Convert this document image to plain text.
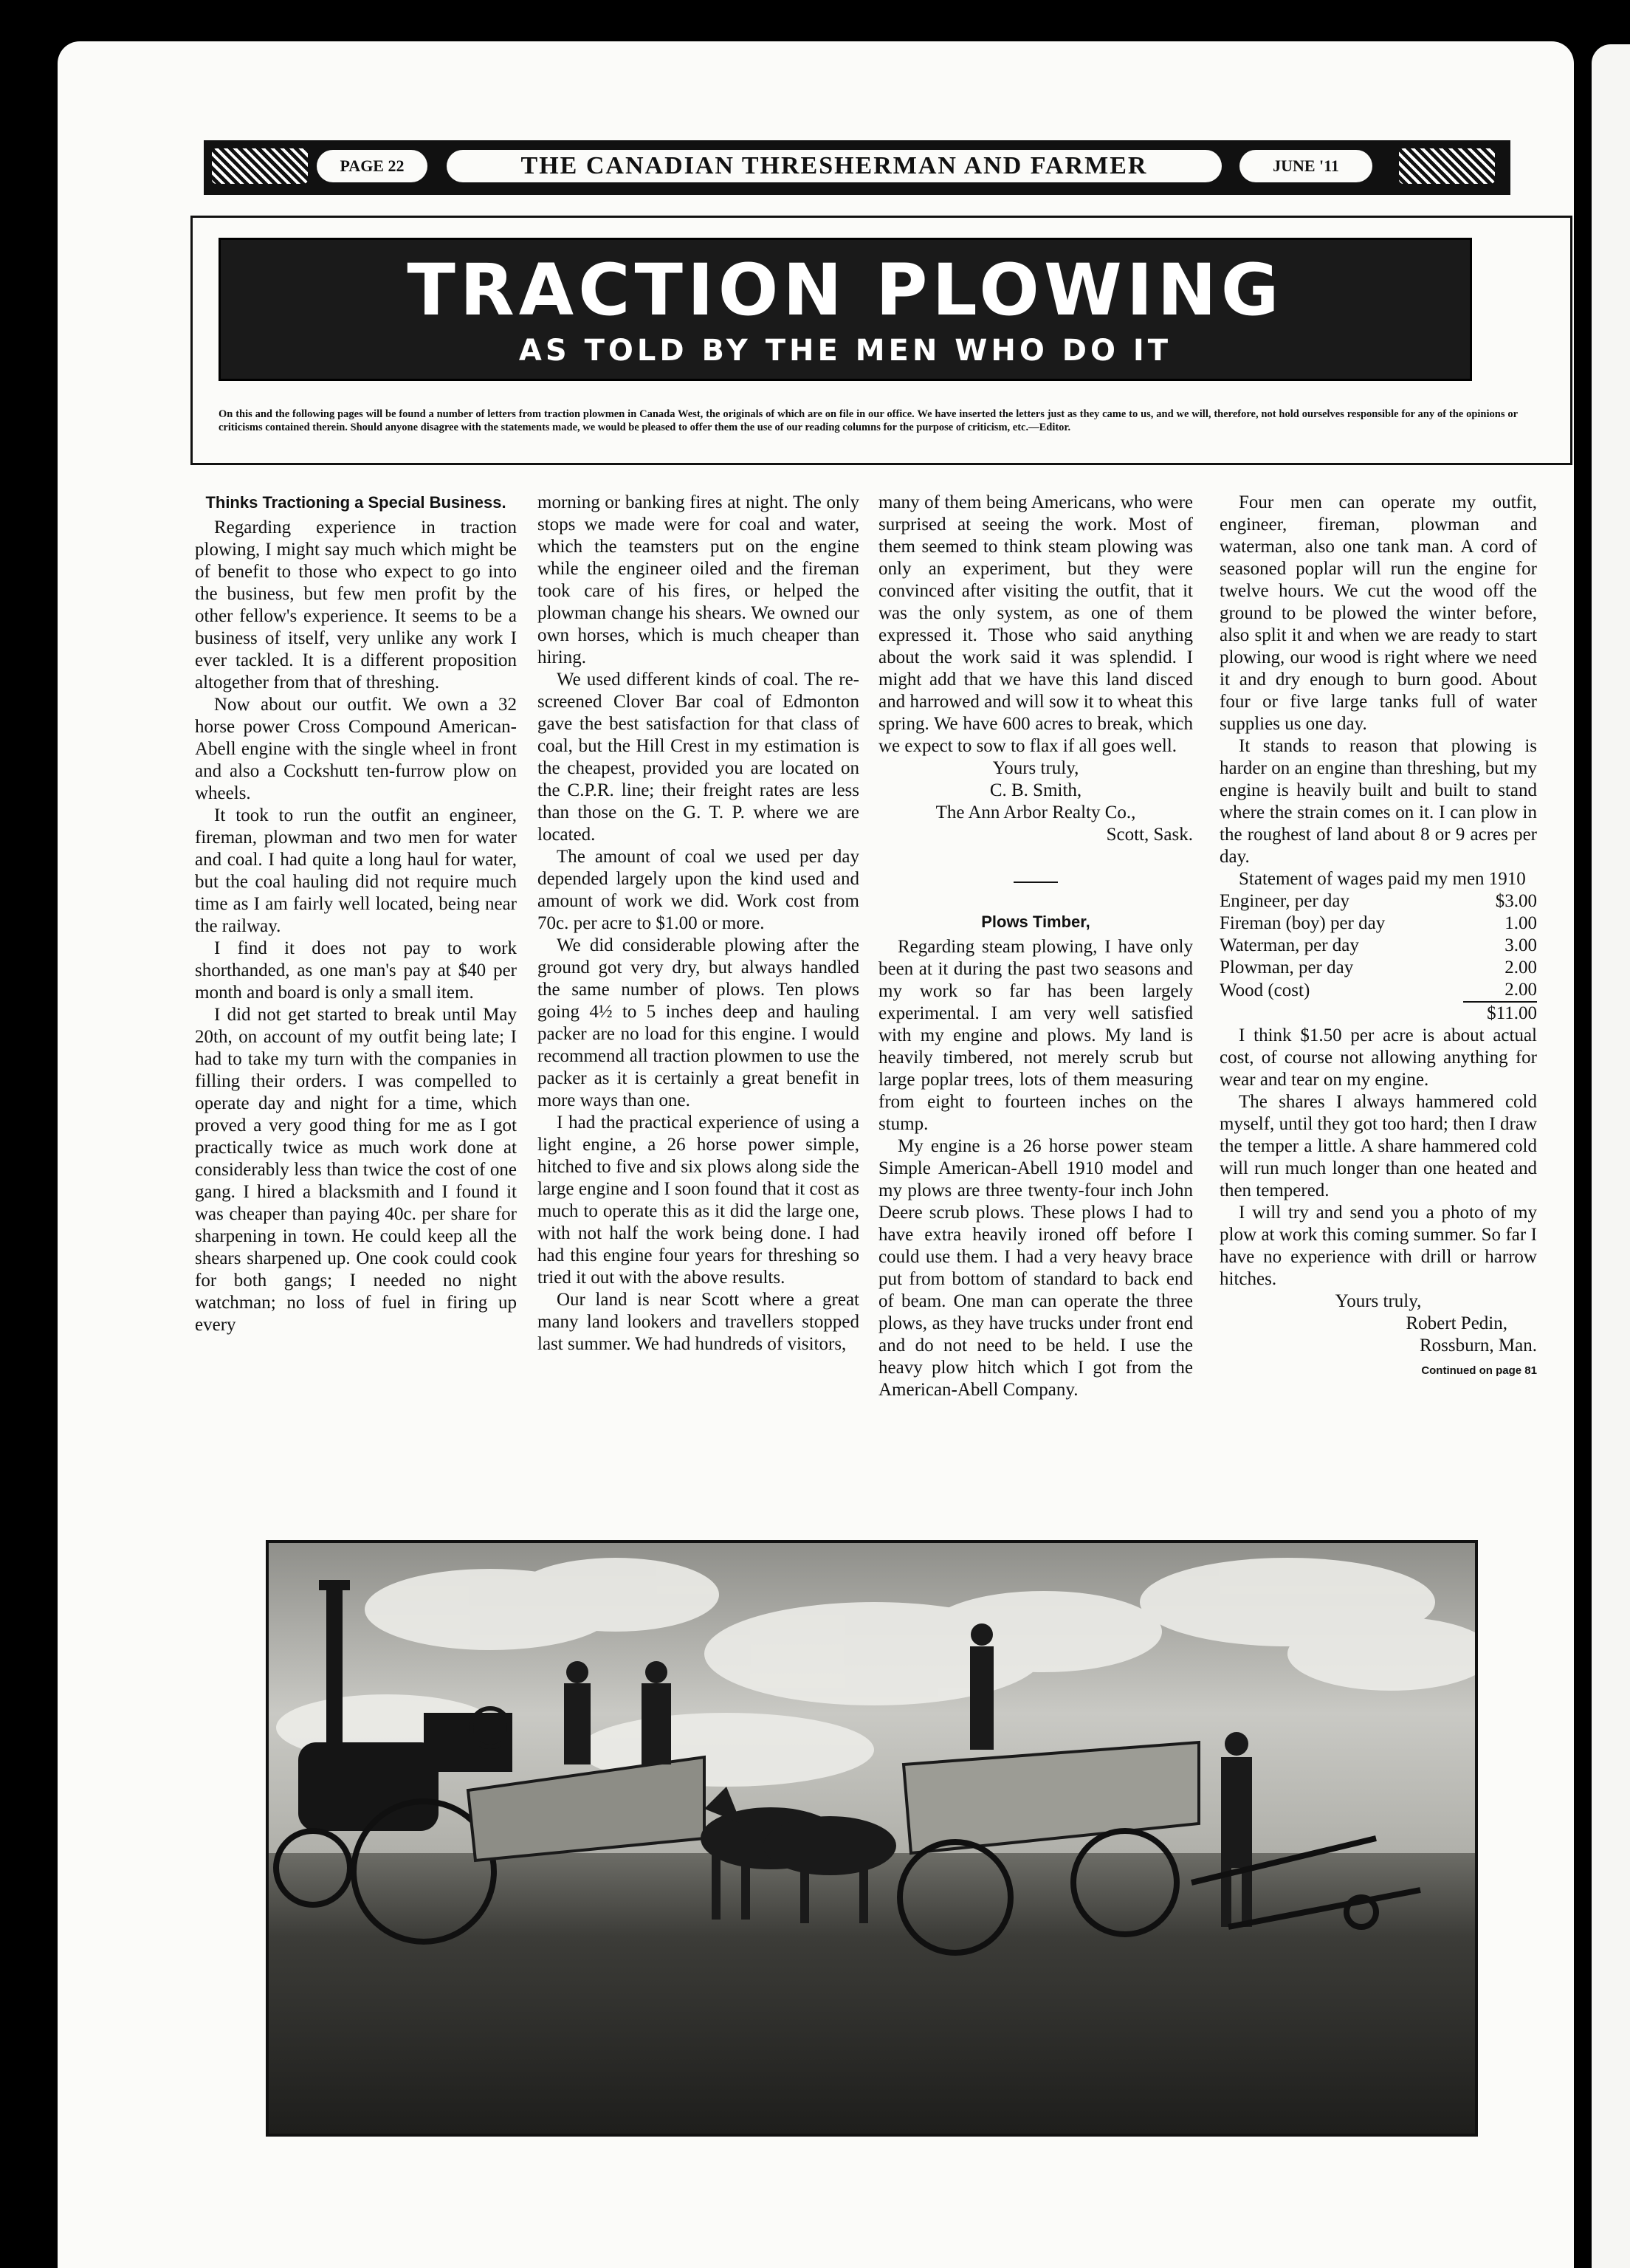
PAGE 22	THE CANADIAN THRESHERMAN AND FARMER	JUNE '11
TRACTION PLOWING
AS TOLD BY THE MEN WHO DO IT

On this and the following pages will be found a number of letters from traction plowmen in Canada West, the originals of which are on file in our office. We have inserted the letters just as they came to us, and we will, therefore, not hold ourselves responsible for any of the opinions or criticisms contained therein. Should anyone disagree with the statements made, we would be pleased to offer them the use of our reading columns for the purpose of criticism, etc.—Editor.

Thinks Tractioning a Special Business.

Regarding experience in traction plowing, I might say much which might be of benefit to those who expect to go into the business, but few men profit by the other fellow's experience. It seems to be a business of itself, very unlike any work I ever tackled. It is a different proposition altogether from that of threshing.

Now about our outfit. We own a 32 horse power Cross Compound American-Abell engine with the single wheel in front and also a Cockshutt ten-furrow plow on wheels.

It took to run the outfit an engineer, fireman, plowman and two men for water and coal. I had quite a long haul for water, but the coal hauling did not require much time as I am fairly well located, being near the railway.

I find it does not pay to work shorthanded, as one man's pay at $40 per month and board is only a small item.

I did not get started to break until May 20th, on account of my outfit being late; I had to take my turn with the companies in filling their orders. I was compelled to operate day and night for a time, which proved a very good thing for me as I got practically twice as much work done at considerably less than twice the cost of one gang. I hired a blacksmith and I found it was cheaper than paying 40c. per share for sharpening in town. He could keep all the shears sharpened up. One cook could cook for both gangs; I needed no night watchman; no loss of fuel in firing up every

morning or banking fires at night. The only stops we made were for coal and water, which the teamsters put on the engine while the engineer oiled and the fireman took care of his fires, or helped the plowman change his shears. We owned our own horses, which is much cheaper than hiring.

We used different kinds of coal. The re-screened Clover Bar coal of Edmonton gave the best satisfaction for that class of coal, but the Hill Crest in my estimation is the cheapest, provided you are located on the C.P.R. line; their freight rates are less than those on the G. T. P. where we are located.

The amount of coal we used per day depended largely upon the kind used and amount of work we did. Work cost from 70c. per acre to $1.00 or more.

We did considerable plowing after the ground got very dry, but always handled the same number of plows. Ten plows going 4½ to 5 inches deep and hauling packer are no load for this engine. I would recommend all traction plowmen to use the packer as it is certainly a great benefit in more ways than one.

I had the practical experience of using a light engine, a 26 horse power simple, hitched to five and six plows along side the large engine and I soon found that it cost as much to operate this as it did the large one, with not half the work being done. I had had this engine four years for threshing so tried it out with the above results.

Our land is near Scott where a great many land lookers and travellers stopped last summer. We had hundreds of visitors,

many of them being Americans, who were surprised at seeing the work. Most of them seemed to think steam plowing was only an experiment, but they were convinced after visiting the outfit, that it was the only system, as one of them expressed it. Those who said anything about the work said it was splendid. I might add that we have this land disced and harrowed and will sow it to wheat this spring. We have 600 acres to break, which we expect to sow to flax if all goes well.

Yours truly,

C. B. Smith,

The Ann Arbor Realty Co.,

Scott, Sask.

Plows Timber,

Regarding steam plowing, I have only been at it during the past two seasons and my work so far has been largely experimental. I am very well satisfied with my engine and plows. My land is heavily timbered, not merely scrub but large poplar trees, lots of them measuring from eight to fourteen inches on the stump.

My engine is a 26 horse power steam Simple American-Abell 1910 model and my plows are three twenty-four inch John Deere scrub plows. These plows I had to have extra heavily ironed off before I could use them. I had a very heavy brace put from bottom of standard to back end of beam. One man can operate the three plows, as they have trucks under front end and do not need to be held. I use the heavy plow hitch which I got from the American-Abell Company.

Four men can operate my outfit, engineer, fireman, plowman and waterman, also one tank man. A cord of seasoned poplar will run the engine for twelve hours. We cut the wood off the ground to be plowed the winter before, also split it and when we are ready to start plowing, our wood is right where we need it and dry enough to burn good. About four or five large tanks full of water supplies us one day.

It stands to reason that plowing is harder on an engine than threshing, but my engine is heavily built and built to stand where the strain comes on it. I can plow in the roughest of land about 8 or 9 acres per day.

Statement of wages paid my men 1910

Engineer, per day	$3.00
Fireman (boy) per day	1.00
Waterman, per day	3.00
Plowman, per day	2.00
Wood (cost)	2.00
	$11.00

I think $1.50 per acre is about actual cost, of course not allowing anything for wear and tear on my engine.

The shares I always hammered cold myself, until they got too hard; then I draw the temper a little. A share hammered cold will run much longer than one heated and then tempered.

I will try and send you a photo of my plow at work this coming summer. So far I have no experience with drill or harrow hitches.

Yours truly,

Robert Pedin,

Rossburn, Man.

Continued on page 81
